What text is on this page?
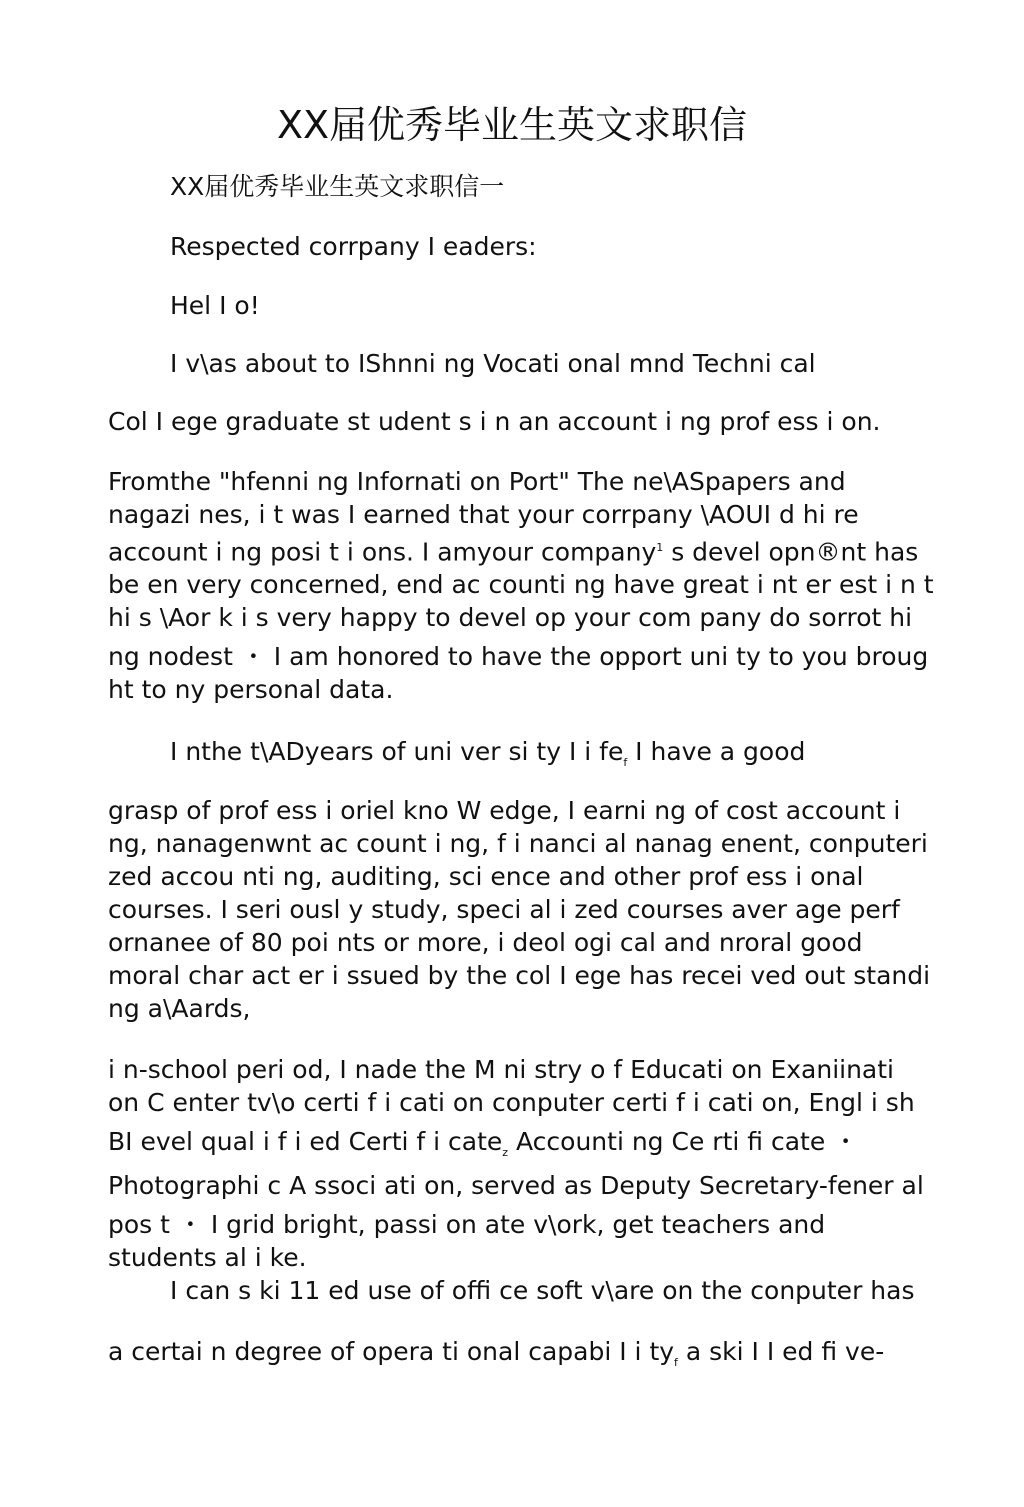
XX届优秀毕业生英文求职信
XX届优秀毕业生英文求职信一
Respected corrpany I eaders:
Hel I o!
I v\as about to IShnni ng Vocati onal mnd Techni cal
Col I ege graduate st udent s i n an account i ng prof ess i on.
Fromthe "hfenni ng Infornati on Port" The ne\ASpapers and
nagazi nes, i t was I earned that your corrpany \AOUI d hi re
account i ng posi t i ons. I amyour company$^1$ s devel opn®nt has
be en very concerned, end ac counti ng have great i nt er est i n t
hi s \Aor k i s very happy to devel op your com pany do sorrot hi
ng nodest ・ I am honored to have the opport uni ty to you broug
ht to ny personal data.
I nthe t\ADyears of uni ver si ty I i $fe_f$ I have a good
grasp of prof ess i oriel kno W edge, I earni ng of cost account i
ng, nanagenwnt ac count i ng, f i nanci al nanag enent, conputeri
zed accou nti ng, auditing, sci ence and other prof ess i onal
courses. I seri ousl y study, speci al i zed courses aver age perf
ornanee of 80 poi nts or more, i deol ogi cal and nroral good
moral char act er i ssued by the col I ege has recei ved out standi
ng a\Aards,
i n-school peri od, I nade the M ni stry o f Educati on Exaniinati
on C enter tv\o certi f i cati on conputer certi f i cati on, Engl i sh
BI evel qual i f i ed Certi f i cate$_z$ Accounti ng Ce rti fi cate ・
Photographi c A ssoci ati on, served as Deputy Secretary-fener al
pos t ・ I grid bright, passi on ate v\ork, get teachers and
students al i ke.
I can s ki 11 ed use of offi ce soft v\are on the conputer has
a certai n degree of opera ti onal capabi I i $ty_f$ a ski I I ed fi ve-
